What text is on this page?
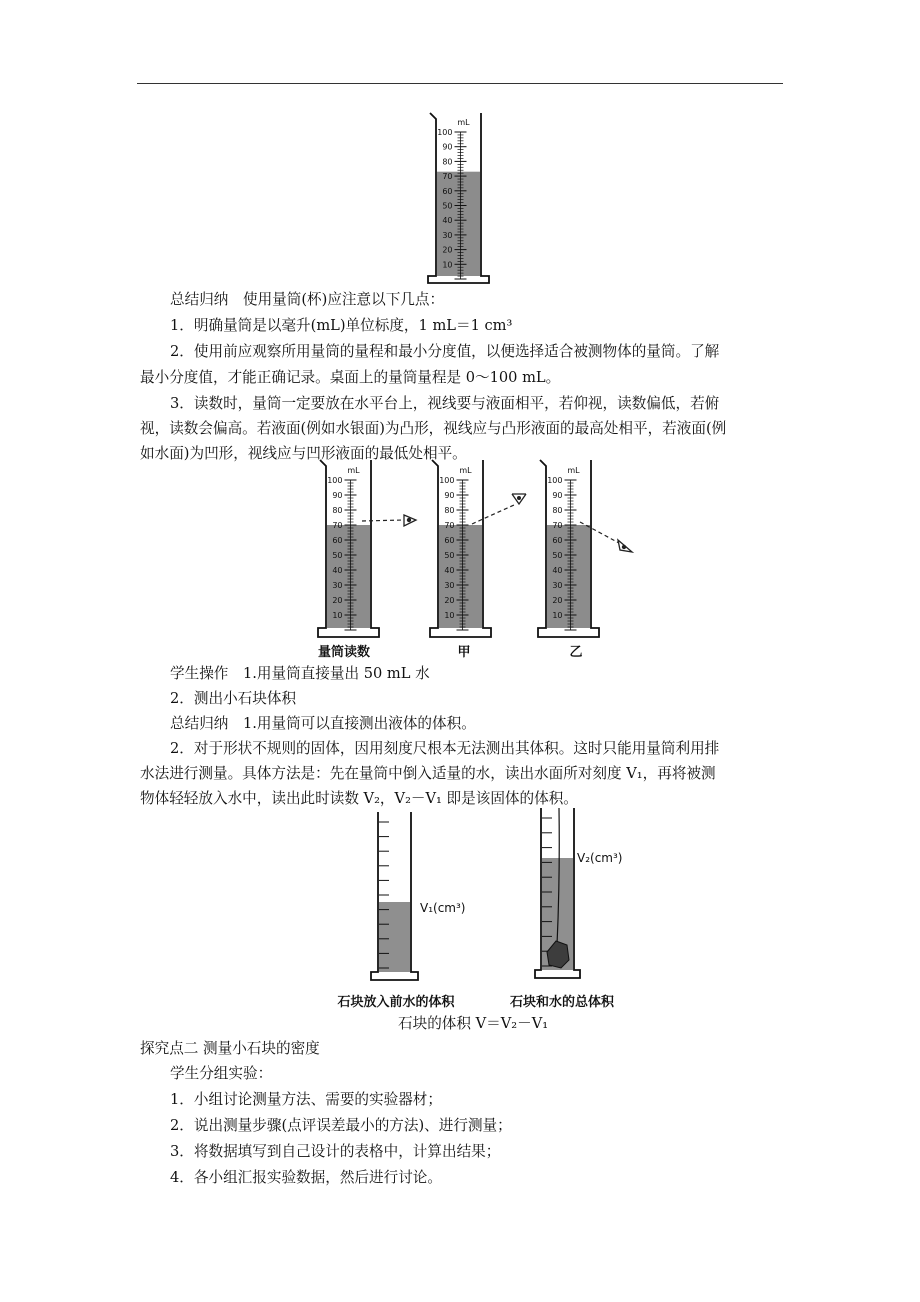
mL
100
90
80
70
60
50
40
30
20
10
总结归纳　使用量筒(杯)应注意以下几点：
1．明确量筒是以毫升(mL)单位标度，1 mL＝1 cm³
2．使用前应观察所用量筒的量程和最小分度值，以便选择适合被测物体的量筒。了解
最小分度值，才能正确记录。桌面上的量筒量程是 0～100 mL。
3．读数时，量筒一定要放在水平台上，视线要与液面相平，若仰视，读数偏低，若俯
视，读数会偏高。若液面(例如水银面)为凸形，视线应与凸形液面的最高处相平，若液面(例
如水面)为凹形，视线应与凹形液面的最低处相平。
mL
100
90
80
70
60
50
40
30
20
10
mL
100
90
80
70
60
50
40
30
20
10
mL
100
90
80
70
60
50
40
30
20
10
量筒读数	甲	乙
学生操作　1.用量筒直接量出 50 mL 水
2．测出小石块体积
总结归纳　1.用量筒可以直接测出液体的体积。
2．对于形状不规则的固体，因用刻度尺根本无法测出其体积。这时只能用量筒利用排
水法进行测量。具体方法是：先在量筒中倒入适量的水，读出水面所对刻度 V₁，再将被测
物体轻轻放入水中，读出此时读数 V₂，V₂－V₁ 即是该固体的体积。
V₁(cm³)
V₂(cm³)
石块放入前水的体积	石块和水的总体积
石块的体积 V＝V₂－V₁
探究点二 测量小石块的密度
学生分组实验：
1．小组讨论测量方法、需要的实验器材；
2．说出测量步骤(点评误差最小的方法)、进行测量；
3．将数据填写到自己设计的表格中，计算出结果；
4．各小组汇报实验数据，然后进行讨论。
